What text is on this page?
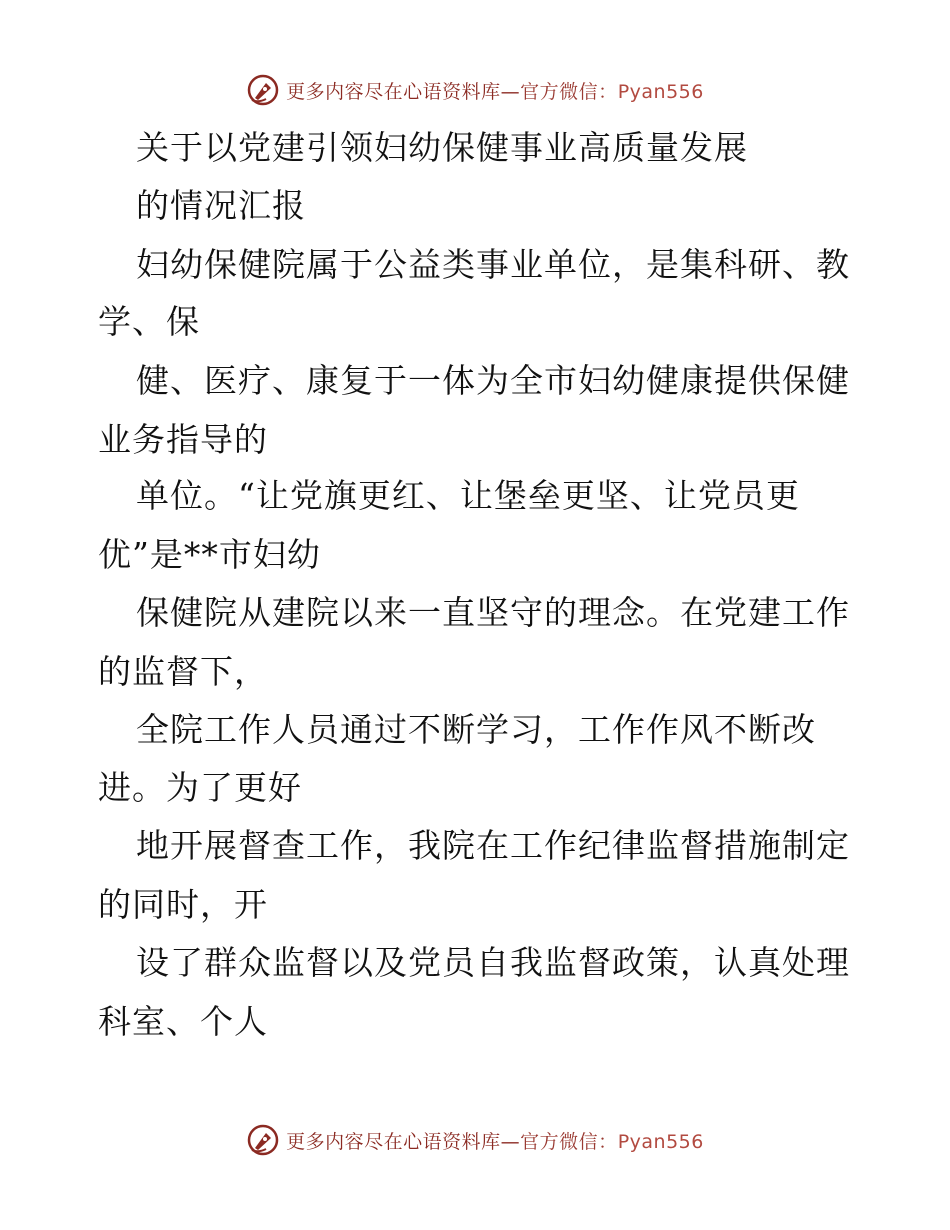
更多内容尽在心语资料库—官方微信：Pyan556
关于以党建引领妇幼保健事业高质量发展
的情况汇报
妇幼保健院属于公益类事业单位，是集科研、教
学、保
健、医疗、康复于一体为全市妇幼健康提供保健
业务指导的
单位。“让党旗更红、让堡垒更坚、让党员更
优”是**市妇幼
保健院从建院以来一直坚守的理念。在党建工作
的监督下，
全院工作人员通过不断学习，工作作风不断改
进。为了更好
地开展督查工作，我院在工作纪律监督措施制定
的同时，开
设了群众监督以及党员自我监督政策，认真处理
科室、个人
更多内容尽在心语资料库—官方微信：Pyan556
